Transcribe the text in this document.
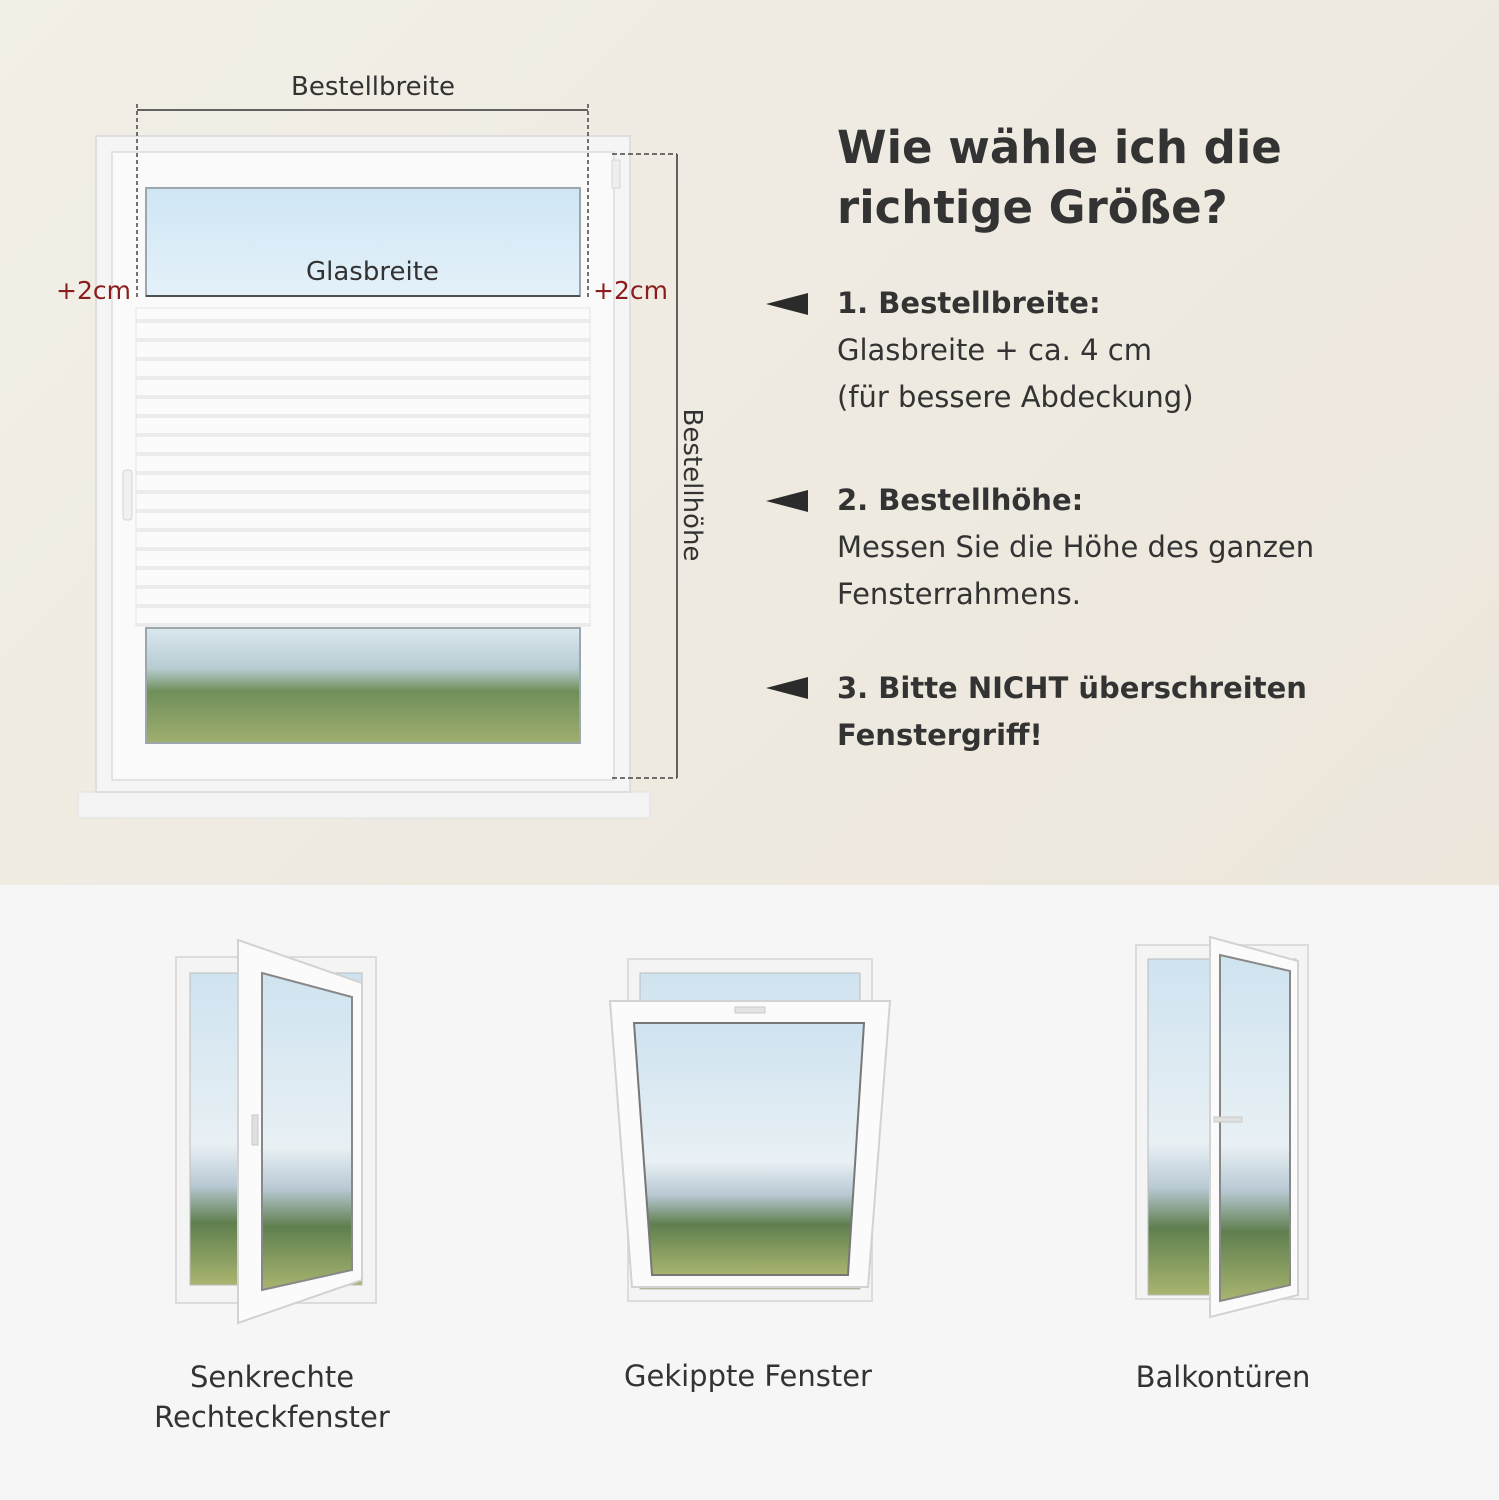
Bestellbreite
Glasbreite
+2cm	+2cm
Bestellhöhe
Wie wähle ich die richtige Größe?
1. Bestellbreite:
Glasbreite + ca. 4 cm
(für bessere Abdeckung)
2. Bestellhöhe:
Messen Sie die Höhe des ganzen
Fensterrahmens.
3. Bitte NICHT überschreiten
Fenstergriff!
Senkrechte
Rechteckfenster
Gekippte Fenster	Balkontüren
